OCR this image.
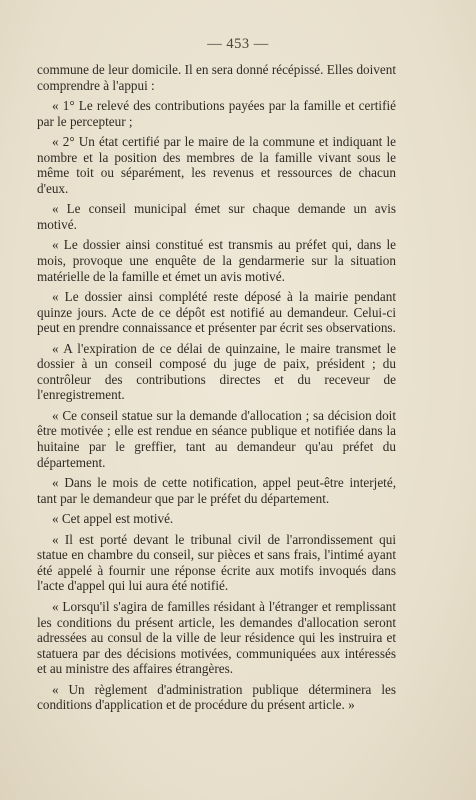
— 453 —

commune de leur domicile. Il en sera donné récépissé. Elles doivent comprendre à l'appui :

« 1° Le relevé des contributions payées par la famille et certifié par le percepteur ;

« 2° Un état certifié par le maire de la commune et indiquant le nombre et la position des membres de la famille vivant sous le même toit ou séparément, les revenus et ressources de chacun d'eux.

« Le conseil municipal émet sur chaque demande un avis motivé.

« Le dossier ainsi constitué est transmis au préfet qui, dans le mois, provoque une enquête de la gendarmerie sur la situation matérielle de la famille et émet un avis motivé.

« Le dossier ainsi complété reste déposé à la mairie pendant quinze jours. Acte de ce dépôt est notifié au demandeur. Celui-ci peut en prendre connaissance et présenter par écrit ses observations.

« A l'expiration de ce délai de quinzaine, le maire transmet le dossier à un conseil composé du juge de paix, président ; du contrôleur des contributions directes et du receveur de l'enregistrement.

« Ce conseil statue sur la demande d'allocation ; sa décision doit être motivée ; elle est rendue en séance publique et notifiée dans la huitaine par le greffier, tant au demandeur qu'au préfet du département.

« Dans le mois de cette notification, appel peut-être interjeté, tant par le demandeur que par le préfet du département.

« Cet appel est motivé.

« Il est porté devant le tribunal civil de l'arrondissement qui statue en chambre du conseil, sur pièces et sans frais, l'intimé ayant été appelé à fournir une réponse écrite aux motifs invoqués dans l'acte d'appel qui lui aura été notifié.

« Lorsqu'il s'agira de familles résidant à l'étranger et remplissant les conditions du présent article, les demandes d'allocation seront adressées au consul de la ville de leur résidence qui les instruira et statuera par des décisions motivées, communiquées aux intéressés et au ministre des affaires étrangères.

« Un règlement d'administration publique déterminera les conditions d'application et de procédure du présent article. »
